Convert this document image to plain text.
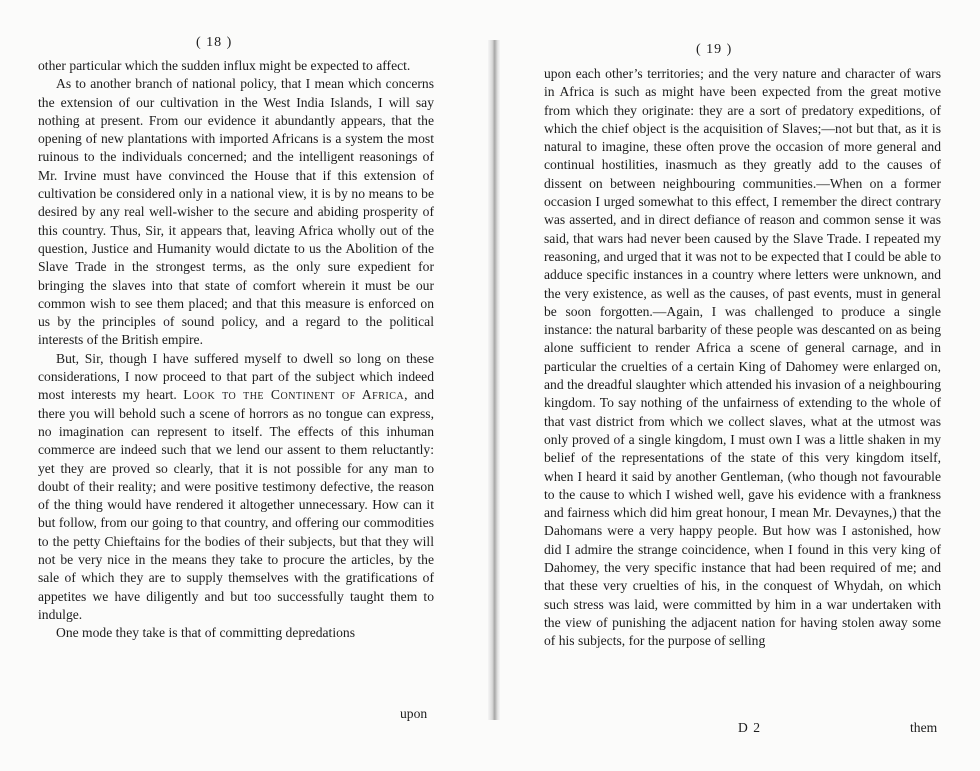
( 18 )

other particular which the sudden influx might be expected to affect.

As to another branch of national policy, that I mean which concerns the extension of our cultivation in the West India Islands, I will say nothing at present. From our evidence it abundantly appears, that the opening of new plantations with imported Africans is a system the most ruinous to the individuals concerned; and the intelligent reasonings of Mr. Irvine must have convinced the House that if this extension of cultivation be considered only in a national view, it is by no means to be desired by any real well-wisher to the secure and abiding prosperity of this country. Thus, Sir, it appears that, leaving Africa wholly out of the question, Justice and Humanity would dictate to us the Abolition of the Slave Trade in the strongest terms, as the only sure expedient for bringing the slaves into that state of comfort wherein it must be our common wish to see them placed; and that this measure is enforced on us by the principles of sound policy, and a regard to the political interests of the British empire.

But, Sir, though I have suffered myself to dwell so long on these considerations, I now proceed to that part of the subject which indeed most interests my heart. Look to the Continent of Africa, and there you will behold such a scene of horrors as no tongue can express, no imagination can represent to itself. The effects of this inhuman commerce are indeed such that we lend our assent to them reluctantly: yet they are proved so clearly, that it is not possible for any man to doubt of their reality; and were positive testimony defective, the reason of the thing would have rendered it altogether unnecessary. How can it but follow, from our going to that country, and offering our commodities to the petty Chieftains for the bodies of their subjects, but that they will not be very nice in the means they take to procure the articles, by the sale of which they are to supply themselves with the gratifications of appetites we have diligently and but too successfully taught them to indulge.

One mode they take is that of committing depredations

upon
( 19 )

upon each other’s territories; and the very nature and character of wars in Africa is such as might have been expected from the great motive from which they originate: they are a sort of predatory expeditions, of which the chief object is the acquisition of Slaves;—not but that, as it is natural to imagine, these often prove the occasion of more general and continual hostilities, inasmuch as they greatly add to the causes of dissent on between neighbouring communities.—When on a former occasion I urged somewhat to this effect, I remember the direct contrary was asserted, and in direct defiance of reason and common sense it was said, that wars had never been caused by the Slave Trade. I repeated my reasoning, and urged that it was not to be expected that I could be able to adduce specific instances in a country where letters were unknown, and the very existence, as well as the causes, of past events, must in general be soon forgotten.—Again, I was challenged to produce a single instance: the natural barbarity of these people was descanted on as being alone sufficient to render Africa a scene of general carnage, and in particular the cruelties of a certain King of Dahomey were enlarged on, and the dreadful slaughter which attended his invasion of a neighbouring kingdom. To say nothing of the unfairness of extending to the whole of that vast district from which we collect slaves, what at the utmost was only proved of a single kingdom, I must own I was a little shaken in my belief of the representations of the state of this very kingdom itself, when I heard it said by another Gentleman, (who though not favourable to the cause to which I wished well, gave his evidence with a frankness and fairness which did him great honour, I mean Mr. Devaynes,) that the Dahomans were a very happy people. But how was I astonished, how did I admire the strange coincidence, when I found in this very king of Dahomey, the very specific instance that had been required of me; and that these very cruelties of his, in the conquest of Whydah, on which such stress was laid, were committed by him in a war undertaken with the view of punishing the adjacent nation for having stolen away some of his subjects, for the purpose of selling

D 2	them
